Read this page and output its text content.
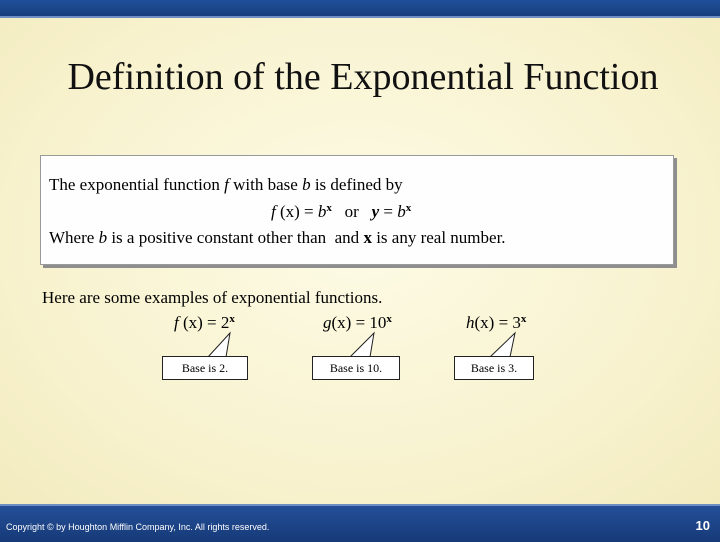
Definition of the Exponential Function
The exponential function f with base b is defined by
f $(x) = b^x$   or   $y = b^x$
Where b is a positive constant other than  and x is any real number.
Here are some examples of exponential functions.
f $(x) = 2^x$	$g(x) = 10^x$	$h(x) = 3^x$
Base is 2.	Base is 10.	Base is 3.
Copyright © by Houghton Mifflin Company, Inc. All rights reserved.	10
